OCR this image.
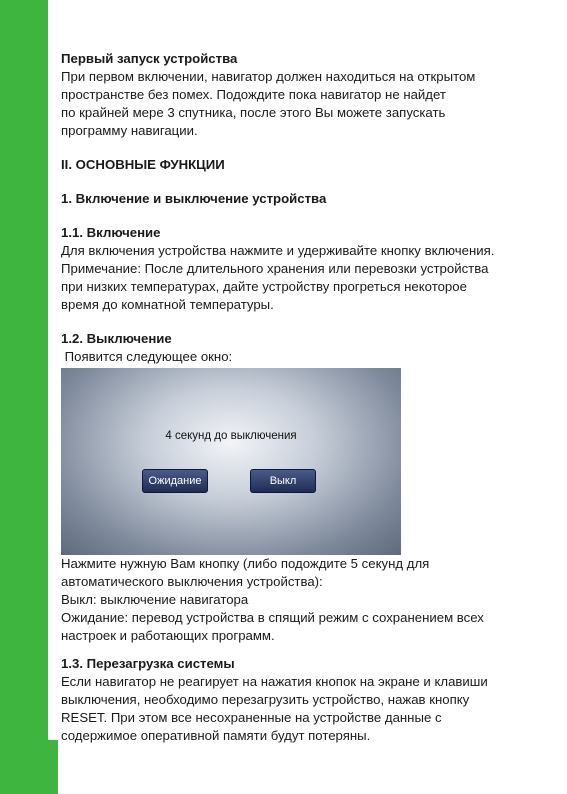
Первый запуск устройства

При первом включении, навигатор должен находиться на открытом

пространстве без помех. Подождите пока навигатор не найдет

по крайней мере 3 спутника, после этого Вы можете запускать

программу навигации.

II. ОСНОВНЫЕ ФУНКЦИИ

1. Включение и выключение устройства

1.1. Включение

Для включения устройства нажмите и удерживайте кнопку включения.

Примечание: После длительного хранения или перевозки устройства

при низких температурах, дайте устройству прогреться некоторое

время до комнатной температуры.

1.2. Выключение

Появится следующее окно:

4 секунд до выключения
Ожидание	Выкл

Нажмите нужную Вам кнопку (либо подождите 5 секунд для

автоматического выключения устройства):

Выкл: выключение навигатора

Ожидание: перевод устройства в спящий режим с сохранением всех

настроек и работающих программ.

1.3. Перезагрузка системы

Если навигатор не реагирует на нажатия кнопок на экране и клавиши

выключения, необходимо перезагрузить устройство, нажав кнопку

RESET. При этом все несохраненные на устройстве данные с

содержимое оперативной памяти будут потеряны.
